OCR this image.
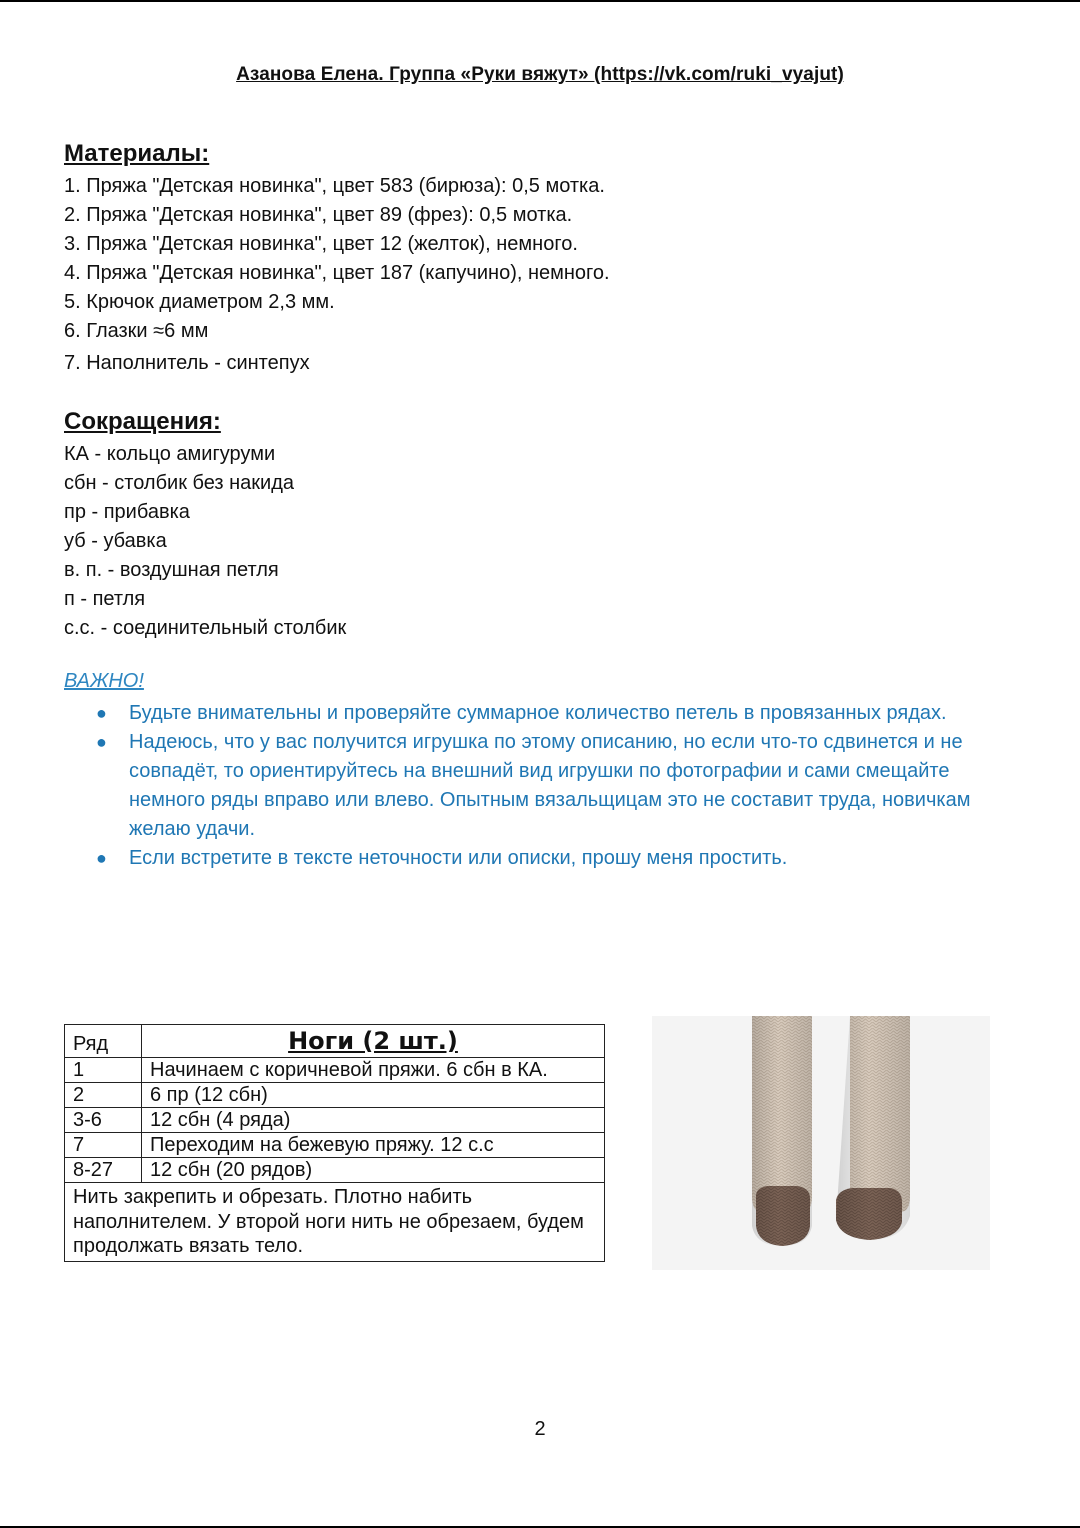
Азанова Елена. Группа «Руки вяжут» (https://vk.com/ruki_vyajut)
Материалы:
1. Пряжа "Детская новинка", цвет 583 (бирюза): 0,5 мотка.
2. Пряжа "Детская новинка", цвет 89 (фрез): 0,5 мотка.
3. Пряжа "Детская новинка", цвет 12 (желток), немного.
4. Пряжа "Детская новинка", цвет 187 (капучино), немного.
5. Крючок диаметром 2,3 мм.
6. Глазки ≈6 мм
7. Наполнитель - синтепух
Сокращения:
КА - кольцо амигуруми
сбн - столбик без накида
пр - прибавка
уб - убавка
в. п. - воздушная петля
п - петля
с.с. - соединительный столбик
ВАЖНО!
● Будьте внимательны и проверяйте суммарное количество петель в провязанных рядах.
● Надеюсь, что у вас получится игрушка по этому описанию, но если что-то сдвинется и не совпадёт, то ориентируйтесь на внешний вид игрушки по фотографии и сами смещайте немного ряды вправо или влево. Опытным вязальщицам это не составит труда, новичкам желаю удачи.
● Если встретите в тексте неточности или описки, прошу меня простить.
Ряд	Ноги (2 шт.)
1	Начинаем с коричневой пряжи. 6 сбн в КА.
2	6 пр (12 сбн)
3-6	12 сбн (4 ряда)
7	Переходим на бежевую пряжу. 12 с.с
8-27	12 сбн (20 рядов)
Нить закрепить и обрезать. Плотно набить наполнителем. У второй ноги нить не обрезаем, будем продолжать вязать тело.	
2
